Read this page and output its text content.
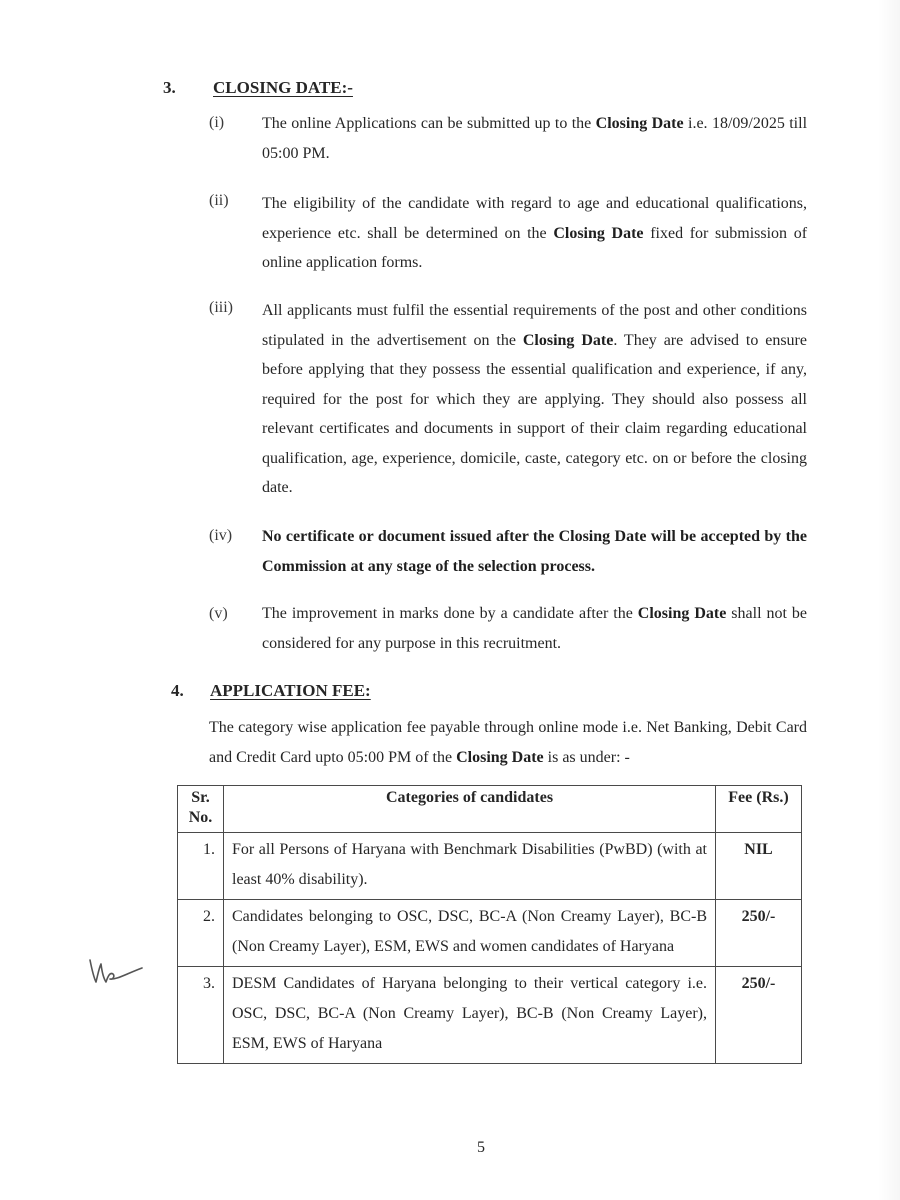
3. CLOSING DATE:-
(i) The online Applications can be submitted up to the Closing Date i.e. 18/09/2025 till 05:00 PM.
(ii) The eligibility of the candidate with regard to age and educational qualifications, experience etc. shall be determined on the Closing Date fixed for submission of online application forms.
(iii) All applicants must fulfil the essential requirements of the post and other conditions stipulated in the advertisement on the Closing Date. They are advised to ensure before applying that they possess the essential qualification and experience, if any, required for the post for which they are applying. They should also possess all relevant certificates and documents in support of their claim regarding educational qualification, age, experience, domicile, caste, category etc. on or before the closing date.
(iv) No certificate or document issued after the Closing Date will be accepted by the Commission at any stage of the selection process.
(v) The improvement in marks done by a candidate after the Closing Date shall not be considered for any purpose in this recruitment.
4. APPLICATION FEE:
The category wise application fee payable through online mode i.e. Net Banking, Debit Card and Credit Card upto 05:00 PM of the Closing Date is as under: -
Sr. No.	Categories of candidates	Fee (Rs.)
1.	For all Persons of Haryana with Benchmark Disabilities (PwBD) (with at least 40% disability).	NIL
2.	Candidates belonging to OSC, DSC, BC-A (Non Creamy Layer), BC-B (Non Creamy Layer), ESM, EWS and women candidates of Haryana	250/-
3.	DESM Candidates of Haryana belonging to their vertical category i.e. OSC, DSC, BC-A (Non Creamy Layer), BC-B (Non Creamy Layer), ESM, EWS of Haryana	250/-
5
